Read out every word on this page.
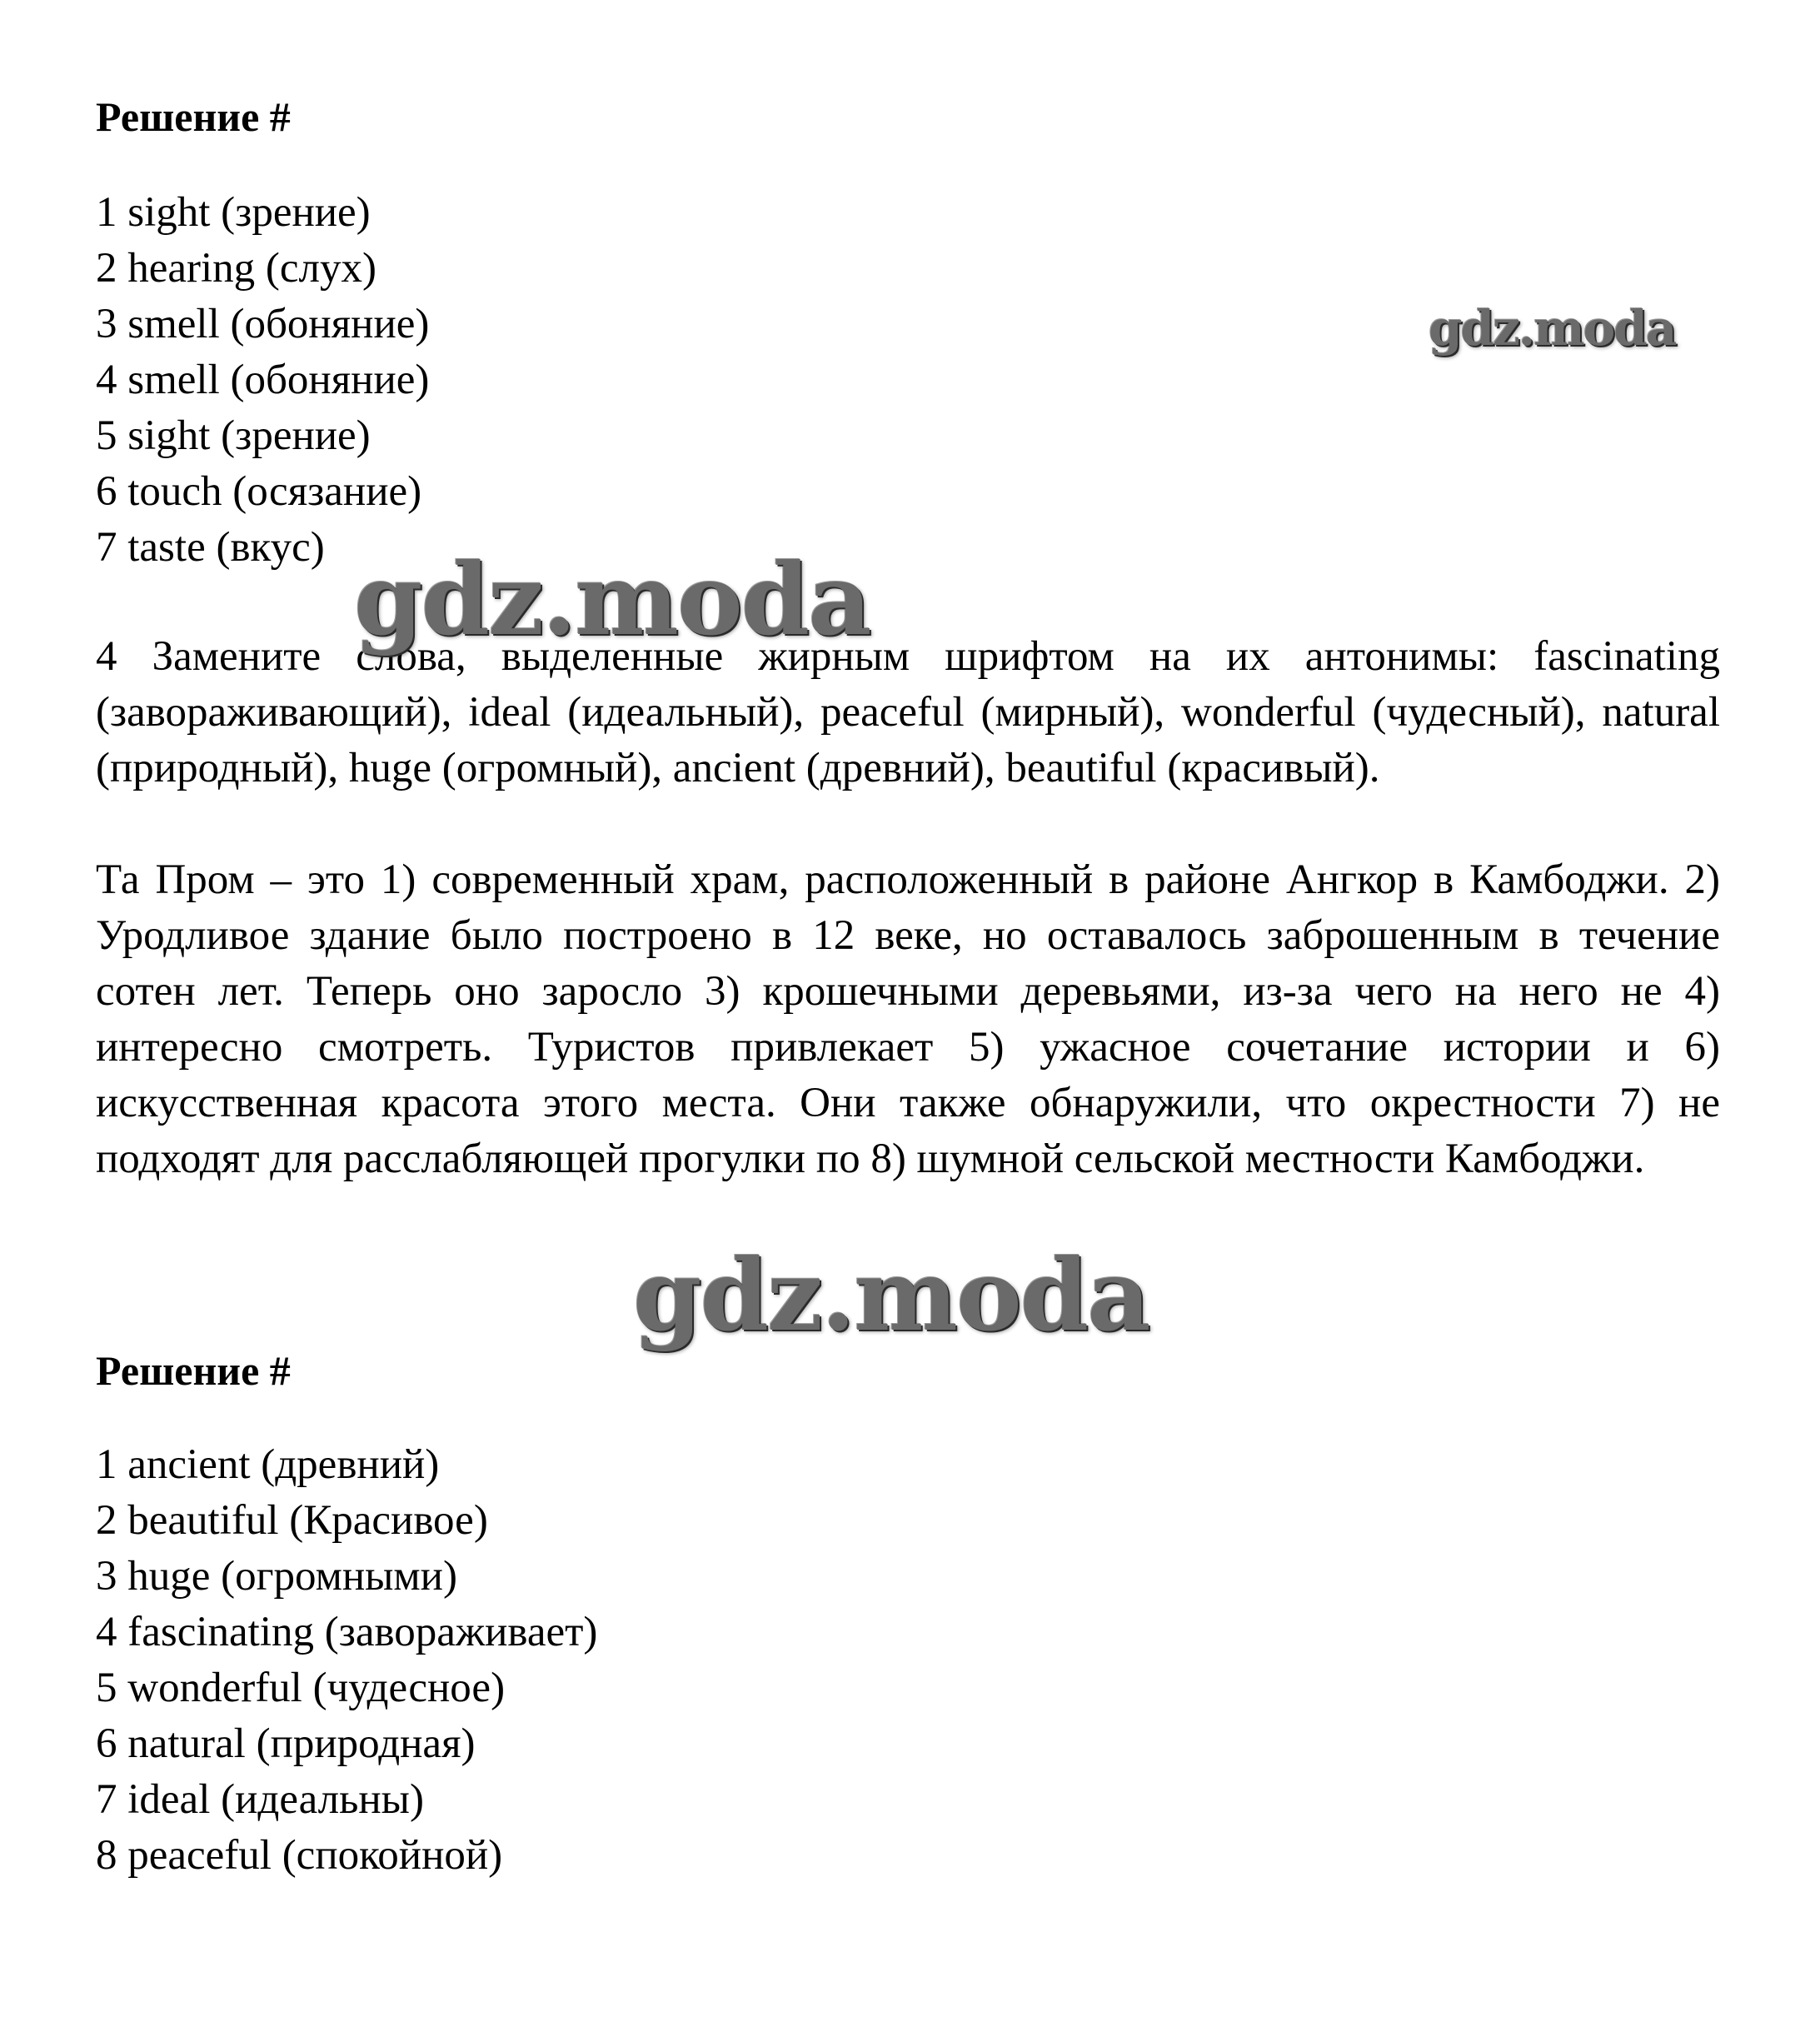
Решение #
1 sight (зрение)
2 hearing (слух)
3 smell (обоняние)
4 smell (обоняние)
5 sight (зрение)
6 touch (осязание)
7 taste (вкус)

4 Замените слова, выделенные жирным шрифтом на их антонимы: fascinating (завораживающий), ideal (идеальный), peaceful (мирный), wonderful (чудесный), natural (природный), huge (огромный), ancient (древний), beautiful (красивый).

Та Пром – это 1) современный храм, расположенный в районе Ангкор в Камбоджи. 2) Уродливое здание было построено в 12 веке, но оставалось заброшенным в течение сотен лет. Теперь оно заросло 3) крошечными деревьями, из-за чего на него не 4) интересно смотреть. Туристов привлекает 5) ужасное сочетание истории и 6) искусственная красота этого места. Они также обнаружили, что окрестности 7) не подходят для расслабляющей прогулки по 8) шумной сельской местности Камбоджи.

Решение #
1 ancient (древний)
2 beautiful (Красивое)
3 huge (огромными)
4 fascinating (завораживает)
5 wonderful (чудесное)
6 natural (природная)
7 ideal (идеальны)
8 peaceful (спокойной)
gdz.moda
gdz.moda
gdz.moda
